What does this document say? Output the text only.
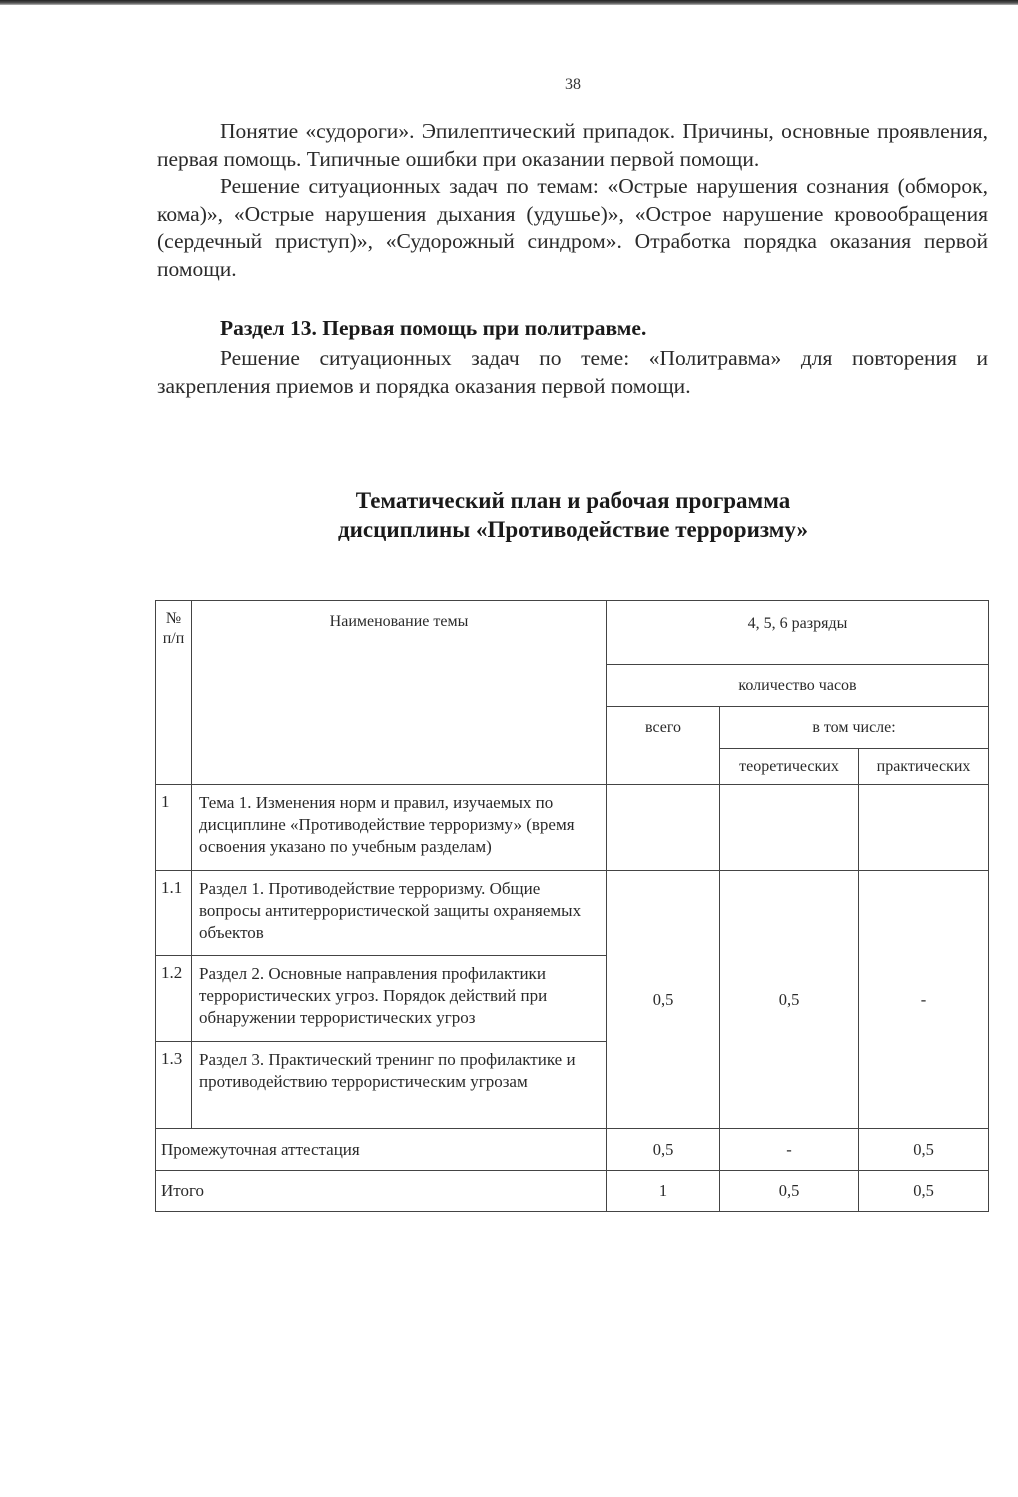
38

Понятие «судороги». Эпилептический припадок. Причины, основные проявления, первая помощь. Типичные ошибки при оказании первой помощи.

Решение ситуационных задач по темам: «Острые нарушения сознания (обморок, кома)», «Острые нарушения дыхания (удушье)», «Острое нарушение кровообращения (сердечный приступ)», «Судорожный синдром». Отработка порядка оказания первой помощи.

Раздел 13. Первая помощь при политравме.

Решение ситуационных задач по теме: «Политравма» для повторения и закрепления приемов и порядка оказания первой помощи.

Тематический план и рабочая программа
дисциплины «Противодействие терроризму»
№ п/п	Наименование темы	4, 5, 6 разряды		
		количество часов		
		всего	в том числе:	
			теоретических	практических
1	Тема 1. Изменения норм и правил, изучаемых по дисциплине «Противодействие терроризму» (время освоения указано по учебным разделам)			
1.1	Раздел 1. Противодействие терроризму. Общие вопросы антитеррористической защиты охраняемых объектов	0,5	0,5	-
1.2	Раздел 2. Основные направления профилактики террористических угроз. Порядок действий при обнаружении террористических угроз			
1.3	Раздел 3. Практический тренинг по профилактике и противодействию террористическим угрозам			
Промежуточная аттестация		0,5	-	0,5
Итого		1	0,5	0,5
